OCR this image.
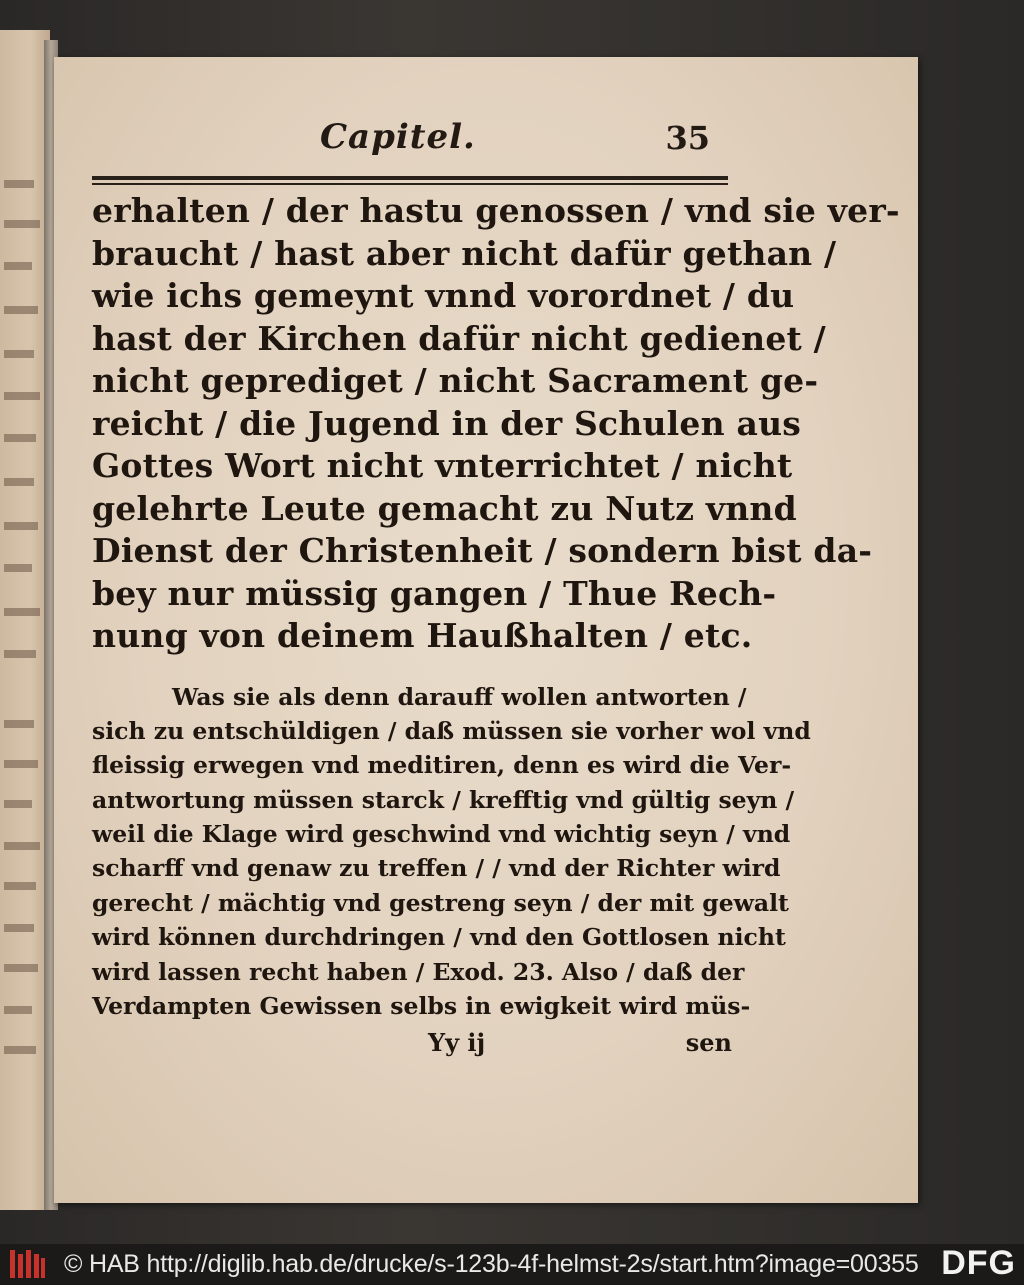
Capitel.	35
erhalten / der hastu genossen / vnd sie ver-
braucht / hast aber nicht dafür gethan /
wie ichs gemeynt vnnd vorordnet / du
hast der Kirchen dafür nicht gedienet /
nicht geprediget / nicht Sacrament ge-
reicht / die Jugend in der Schulen aus
Gottes Wort nicht vnterrichtet / nicht
gelehrte Leute gemacht zu Nutz vnnd
Dienst der Christenheit / sondern bist da-
bey nur müssig gangen / Thue Rech-
nung von deinem Haußhalten / etc.
Was sie als denn darauff wollen antworten /
sich zu entschüldigen / daß müssen sie vorher wol vnd
fleissig erwegen vnd meditiren, denn es wird die Ver-
antwortung müssen starck / krefftig vnd gültig seyn /
weil die Klage wird geschwind vnd wichtig seyn / vnd
scharff vnd genaw zu treffen / / vnd der Richter wird
gerecht / mächtig vnd gestreng seyn / der mit gewalt
wird können durchdringen / vnd den Gottlosen nicht
wird lassen recht haben / Exod. 23. Also / daß der
Verdampten Gewissen selbs in ewigkeit wird müs-
Yy ij	sen
© HAB http://diglib.hab.de/drucke/s-123b-4f-helmst-2s/start.htm?image=00355 DFG
